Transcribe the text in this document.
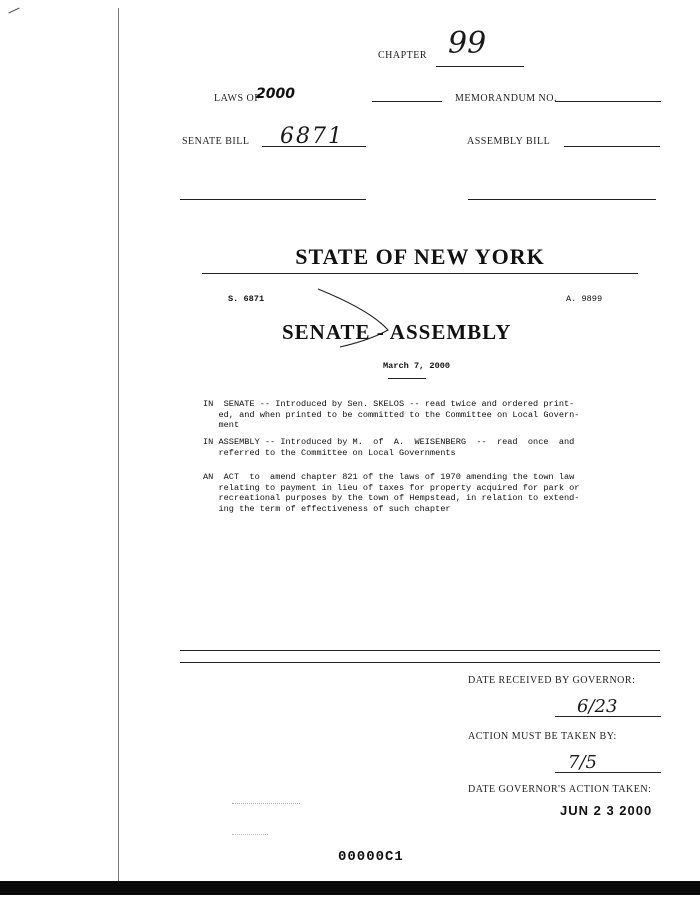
CHAPTER 99
LAWS OF
2000	MEMORANDUM NO.
SENATE BILL 6871	ASSEMBLY BILL
STATE OF NEW YORK
S. 6871	A. 9899
SENATE - ASSEMBLY
March 7, 2000
IN  SENATE -- Introduced by Sen. SKELOS -- read twice and ordered print-
ed, and when printed to be committed to the Committee on Local Govern-
ment
IN ASSEMBLY -- Introduced by M.  of  A.  WEISENBERG  --  read  once  and
referred to the Committee on Local Governments
AN  ACT  to  amend chapter 821 of the laws of 1970 amending the town law
relating to payment in lieu of taxes for property acquired for park or
recreational purposes by the town of Hempstead, in relation to extend-
ing the term of effectiveness of such chapter
DATE RECEIVED BY GOVERNOR:
6/23
ACTION MUST BE TAKEN BY:
7/5
DATE GOVERNOR'S ACTION TAKEN:
JUN 2 3 2000
00000C1
